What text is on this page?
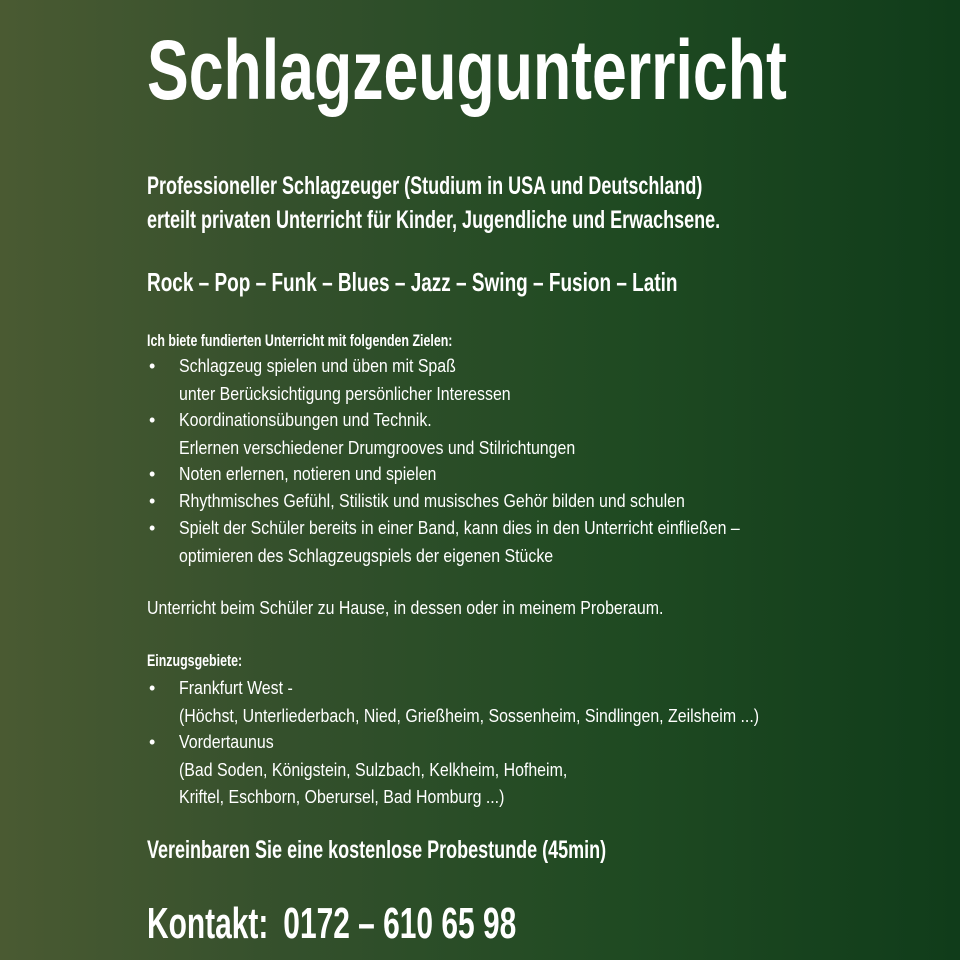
Schlagzeugunterricht
Professioneller Schlagzeuger (Studium in USA und Deutschland)
erteilt privaten Unterricht für Kinder, Jugendliche und Erwachsene.
Rock – Pop – Funk – Blues – Jazz – Swing – Fusion – Latin
Ich biete fundierten Unterricht mit folgenden Zielen:
• Schlagzeug spielen und üben mit Spaß
unter Berücksichtigung persönlicher Interessen
• Koordinationsübungen und Technik.
Erlernen verschiedener Drumgrooves und Stilrichtungen
• Noten erlernen, notieren und spielen
• Rhythmisches Gefühl, Stilistik und musisches Gehör bilden und schulen
• Spielt der Schüler bereits in einer Band, kann dies in den Unterricht einfließen –
optimieren des Schlagzeugspiels der eigenen Stücke
Unterricht beim Schüler zu Hause, in dessen oder in meinem Proberaum.
Einzugsgebiete:
• Frankfurt West -
(Höchst, Unterliederbach, Nied, Grießheim, Sossenheim, Sindlingen, Zeilsheim ...)
• Vordertaunus
(Bad Soden, Königstein, Sulzbach, Kelkheim, Hofheim,
Kriftel, Eschborn, Oberursel, Bad Homburg ...)
Vereinbaren Sie eine kostenlose Probestunde (45min)
Kontakt: 0172 – 610 65 98
